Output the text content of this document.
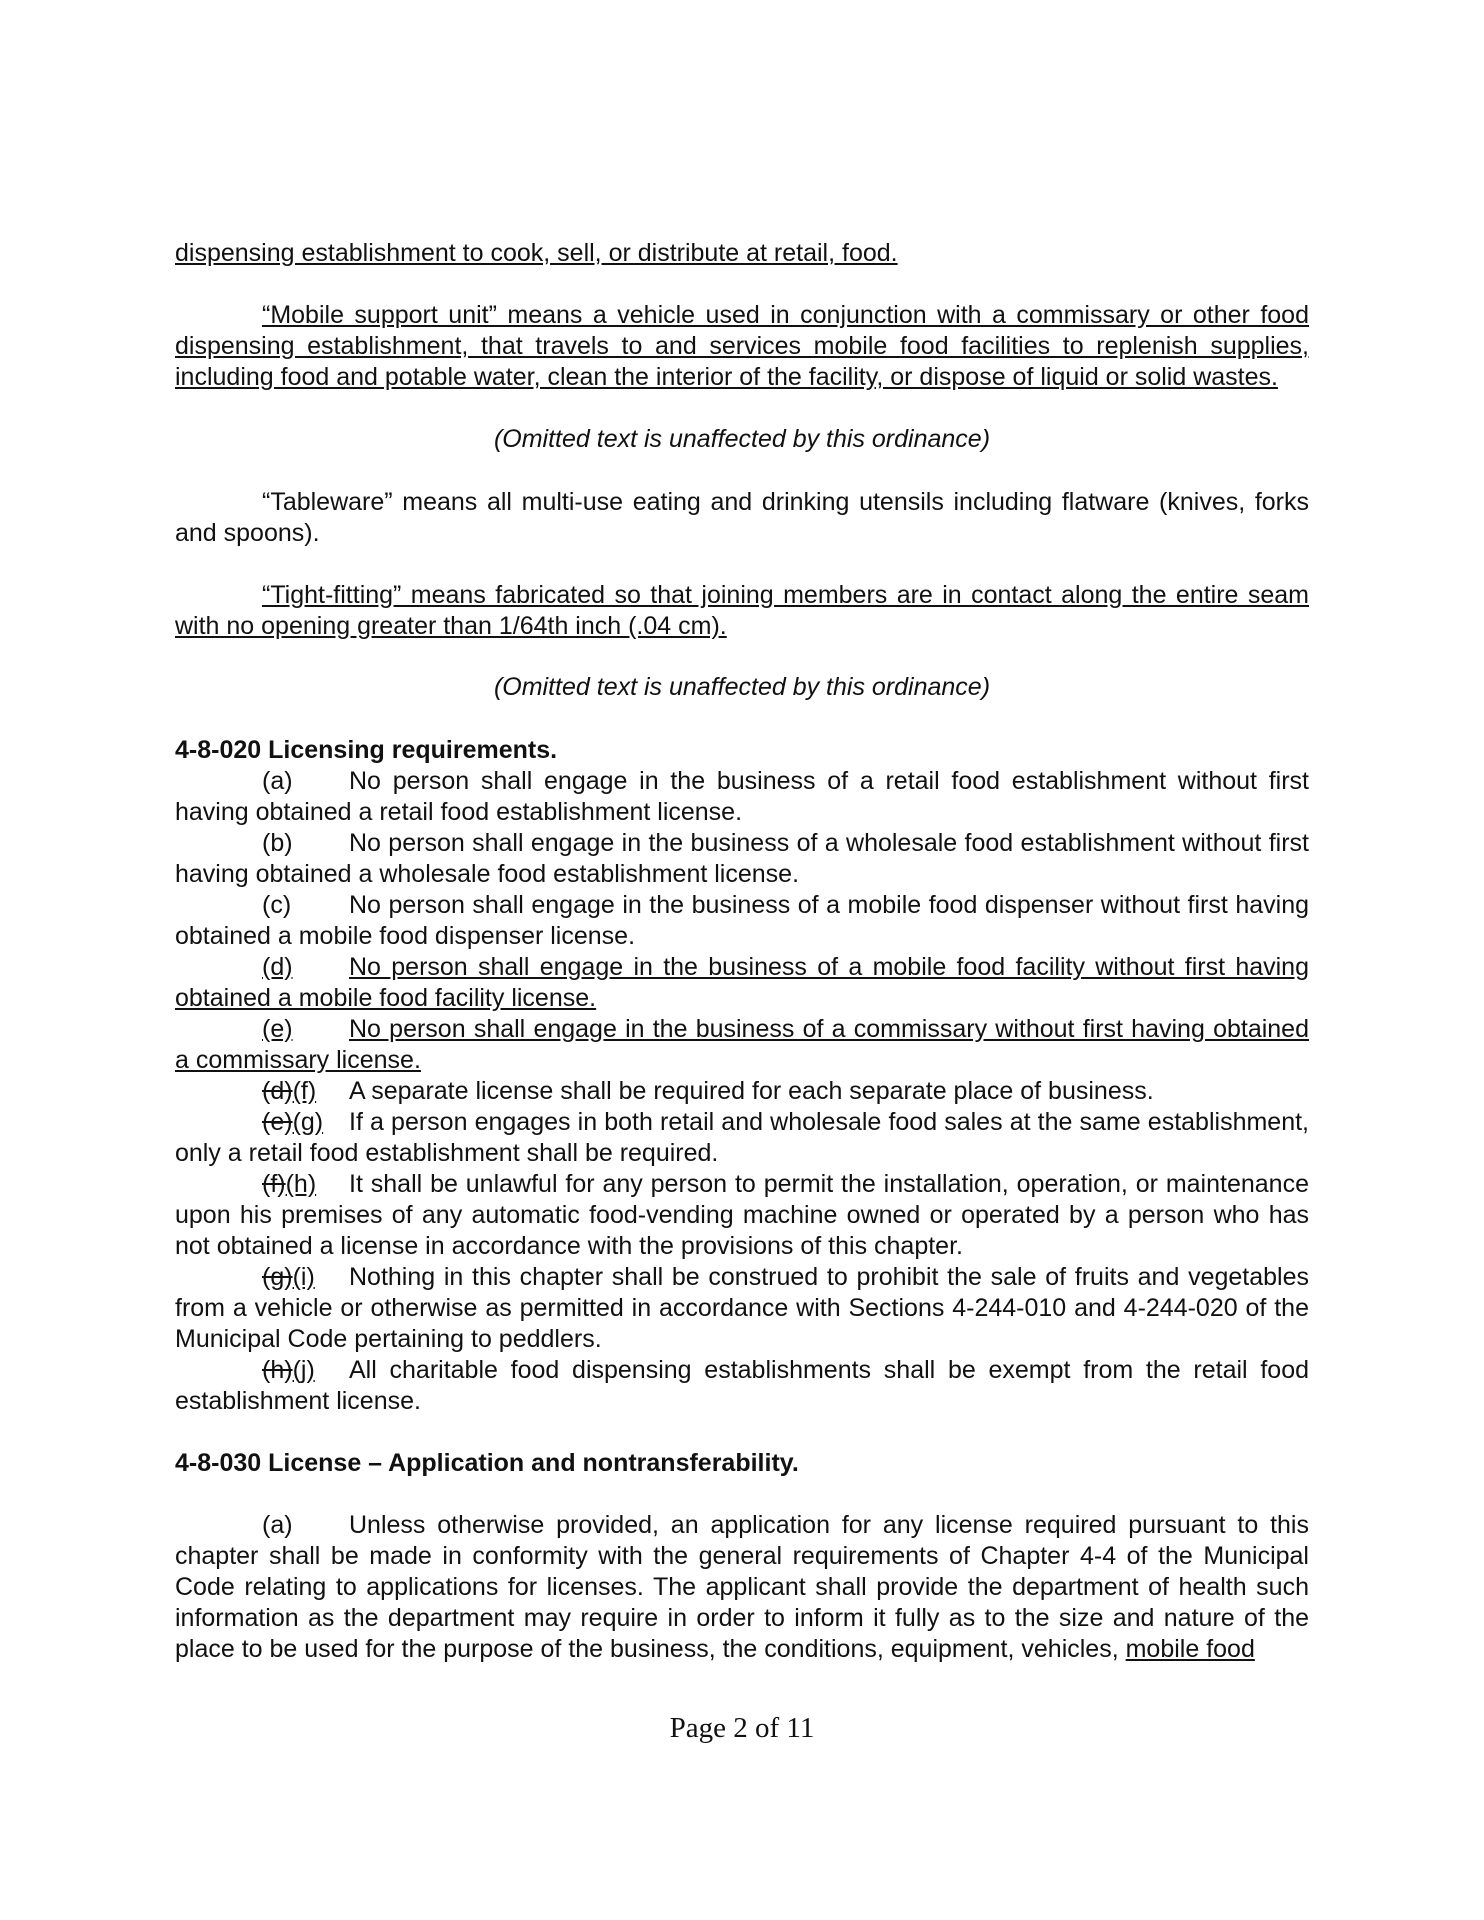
dispensing establishment to cook, sell, or distribute at retail, food.

“Mobile support unit” means a vehicle used in conjunction with a commissary or other food dispensing establishment, that travels to and services mobile food facilities to replenish supplies, including food and potable water, clean the interior of the facility, or dispose of liquid or solid wastes.

(Omitted text is unaffected by this ordinance)

“Tableware” means all multi-use eating and drinking utensils including flatware (knives, forks and spoons).

“Tight-fitting” means fabricated so that joining members are in contact along the entire seam with no opening greater than 1/64th inch (.04 cm).

(Omitted text is unaffected by this ordinance)

4-8-020 Licensing requirements.

(a) No person shall engage in the business of a retail food establishment without first having obtained a retail food establishment license.

(b) No person shall engage in the business of a wholesale food establishment without first having obtained a wholesale food establishment license.

(c) No person shall engage in the business of a mobile food dispenser without first having obtained a mobile food dispenser license.

(d) No person shall engage in the business of a mobile food facility without first having obtained a mobile food facility license.

(e) No person shall engage in the business of a commissary without first having obtained a commissary license.

(d)(f) A separate license shall be required for each separate place of business.

(e)(g) If a person engages in both retail and wholesale food sales at the same establishment, only a retail food establishment shall be required.

(f)(h) It shall be unlawful for any person to permit the installation, operation, or maintenance upon his premises of any automatic food-vending machine owned or operated by a person who has not obtained a license in accordance with the provisions of this chapter.

(g)(i) Nothing in this chapter shall be construed to prohibit the sale of fruits and vegetables from a vehicle or otherwise as permitted in accordance with Sections 4-244-010 and 4-244-020 of the Municipal Code pertaining to peddlers.

(h)(j) All charitable food dispensing establishments shall be exempt from the retail food establishment license.

4-8-030 License – Application and nontransferability.

(a) Unless otherwise provided, an application for any license required pursuant to this chapter shall be made in conformity with the general requirements of Chapter 4-4 of the Municipal Code relating to applications for licenses. The applicant shall provide the department of health such information as the department may require in order to inform it fully as to the size and nature of the place to be used for the purpose of the business, the conditions, equipment, vehicles, mobile food

Page 2 of 11
